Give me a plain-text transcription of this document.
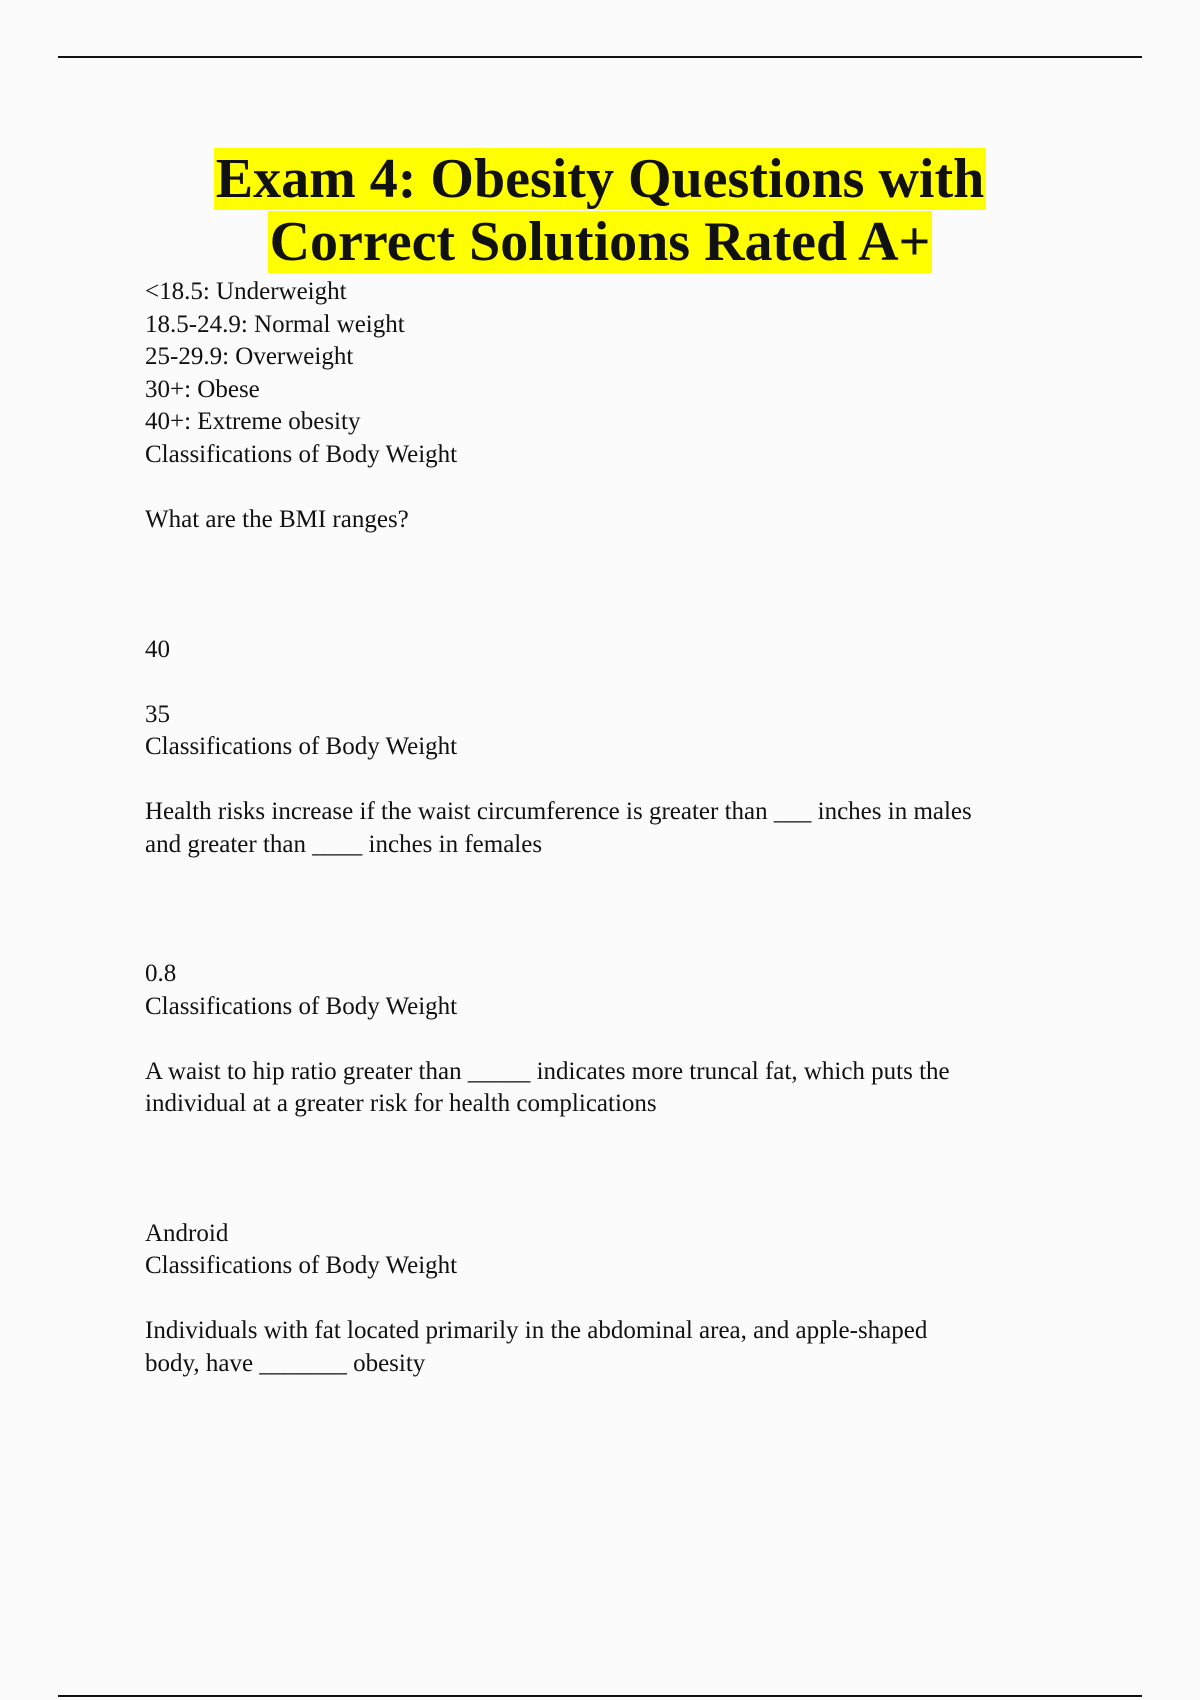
Exam 4: Obesity Questions with
Correct Solutions Rated A+
<18.5: Underweight
18.5-24.9: Normal weight
25-29.9: Overweight
30+: Obese
40+: Extreme obesity
Classifications of Body Weight
What are the BMI ranges?
40
35
Classifications of Body Weight
Health risks increase if the waist circumference is greater than ___ inches in males
and greater than ____ inches in females
0.8
Classifications of Body Weight
A waist to hip ratio greater than _____ indicates more truncal fat, which puts the
individual at a greater risk for health complications
Android
Classifications of Body Weight
Individuals with fat located primarily in the abdominal area, and apple-shaped
body, have _______ obesity
